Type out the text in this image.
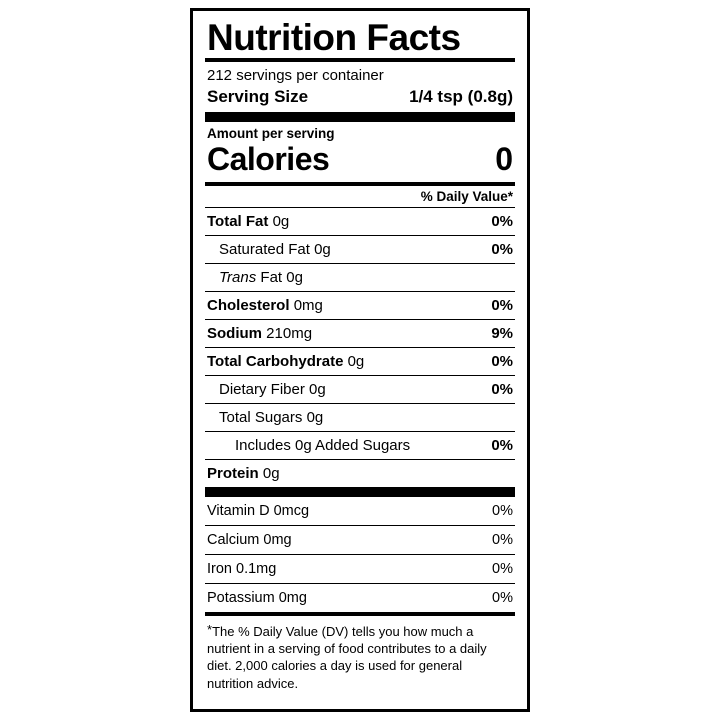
Nutrition Facts
212 servings per container
Serving Size	1/4 tsp (0.8g)
Amount per serving
Calories	0
% Daily Value*
Total Fat 0g	0%
Saturated Fat 0g	0%
Trans Fat 0g
Cholesterol 0mg	0%
Sodium 210mg	9%
Total Carbohydrate 0g	0%
Dietary Fiber 0g	0%
Total Sugars 0g
Includes 0g Added Sugars	0%
Protein 0g
Vitamin D 0mcg	0%
Calcium 0mg	0%
Iron 0.1mg	0%
Potassium 0mg	0%
*The % Daily Value (DV) tells you how much a nutrient in a serving of food contributes to a daily diet. 2,000 calories a day is used for general nutrition advice.
